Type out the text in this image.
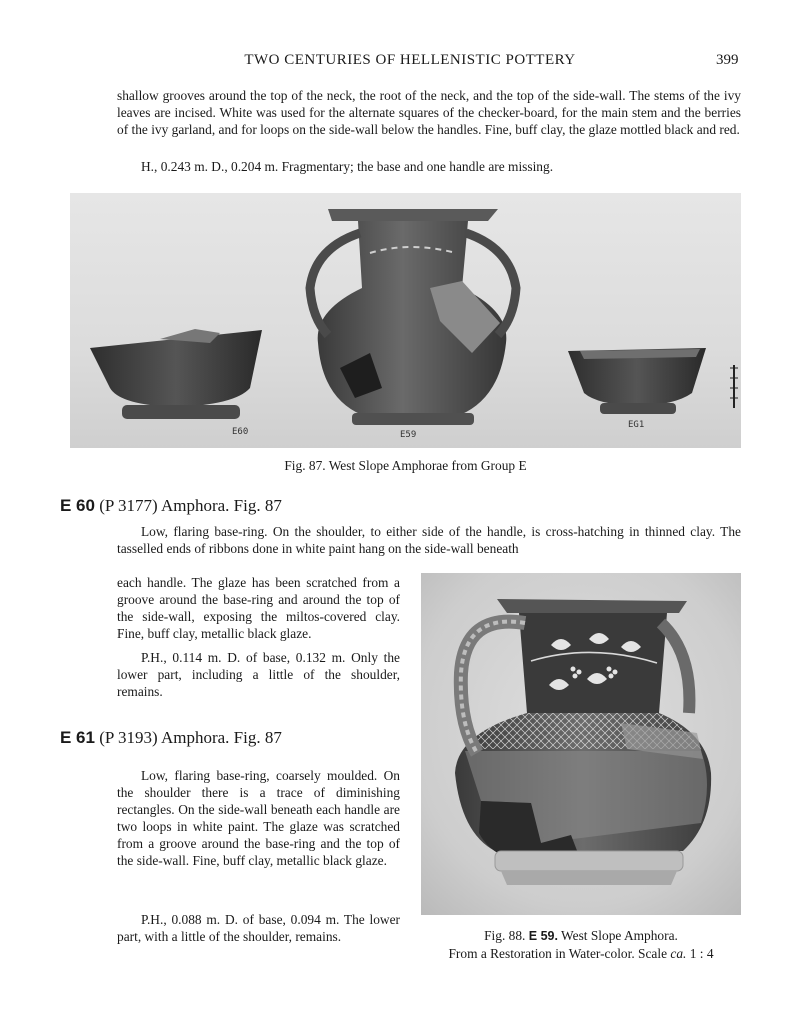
TWO CENTURIES OF HELLENISTIC POTTERY	399
shallow grooves around the top of the neck, the root of the neck, and the top of the side-wall. The stems of the ivy leaves are incised. White was used for the alternate squares of the checker-board, for the main stem and the berries of the ivy garland, and for loops on the side-wall below the handles. Fine, buff clay, the glaze mottled black and red.
H., 0.243 m. D., 0.204 m. Fragmentary; the base and one handle are missing.
E60	E59
EG1
Fig. 87. West Slope Amphorae from Group E
E 60 (P 3177) Amphora. Fig. 87
Low, flaring base-ring. On the shoulder, to either side of the handle, is cross-hatching in thinned clay. The tasselled ends of ribbons done in white paint hang on the side-wall beneath
each handle. The glaze has been scratched from a groove around the base-ring and around the top of the side-wall, exposing the miltos-covered clay. Fine, buff clay, metallic black glaze.
P.H., 0.114 m. D. of base, 0.132 m. Only the lower part, including a little of the shoulder, remains.
E 61 (P 3193) Amphora. Fig. 87
Low, flaring base-ring, coarsely moulded. On the shoulder there is a trace of diminishing rectangles. On the side-wall beneath each handle are two loops in white paint. The glaze was scratched from a groove around the base-ring and the top of the side-wall. Fine, buff clay, metallic black glaze.
P.H., 0.088 m. D. of base, 0.094 m. The lower part, with a little of the shoulder, remains.	Fig. 88. E 59. West Slope Amphora.
From a Restoration in Water-color. Scale ca. 1 : 4
